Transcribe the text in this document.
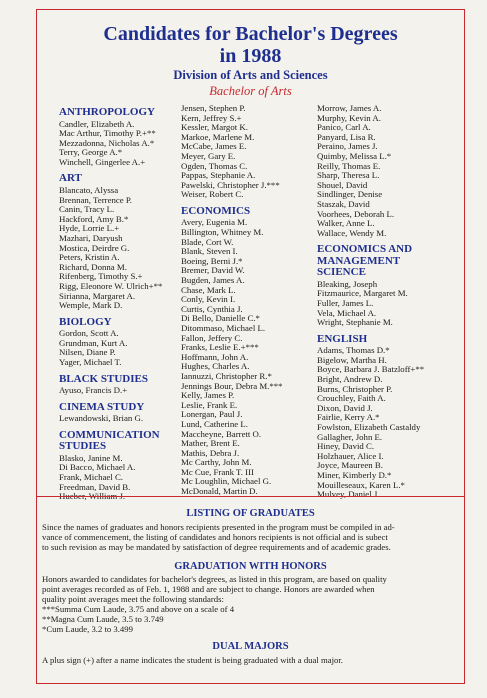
Candidates for Bachelor's Degrees
in 1988
Division of Arts and Sciences
Bachelor of Arts
ANTHROPOLOGY
Candler, Elizabeth A.
Mac Arthur, Timothy P.+**
Mezzadonna, Nicholas A.*
Terry, George A.*
Winchell, Gingerlee A.+
ART
Blancato, Alyssa
Brennan, Terrence P.
Canin, Tracy L.
Hackford, Amy B.*
Hyde, Lorrie L.+
Mazhari, Daryush
Mostica, Deirdre G.
Peters, Kristin A.
Richard, Donna M.
Rifenberg, Timothy S.+
Rigg, Eleonore W. Ulrich+**
Sirianna, Margaret A.
Wemple, Mark D.
BIOLOGY
Gordon, Scott A.
Grundman, Kurt A.
Nilsen, Diane P.
Yager, Michael T.
BLACK STUDIES
Ayuso, Francis D.+
CINEMA STUDY
Lewandowski, Brian G.
COMMUNICATION
STUDIES
Blasko, Janine M.
Di Bacco, Michael A.
Frank, Michael C.
Freedman, David B.
Hueber, William J.
Jensen, Stephen P.
Kern, Jeffrey S.+
Kessler, Margot K.
Markoe, Marlene M.
McCabe, James E.
Meyer, Gary E.
Ogden, Thomas C.
Pappas, Stephanie A.
Pawelski, Christopher J.***
Weiser, Robert C.
ECONOMICS
Avery, Eugenia M.
Billington, Whitney M.
Blade, Cort W.
Blank, Steven I.
Boeing, Berni J.*
Bremer, David W.
Bugden, James A.
Chase, Mark L.
Conly, Kevin I.
Curtis, Cynthia J.
Di Bello, Danielle C.*
Ditommaso, Michael L.
Fallon, Jeffery C.
Franks, Leslie E.+***
Hoffmann, John A.
Hughes, Charles A.
Iannuzzi, Christopher R.*
Jennings Bour, Debra M.***
Kelly, James P.
Leslie, Frank E.
Lonergan, Paul J.
Lund, Catherine L.
Maccheyne, Barrett O.
Mather, Brent E.
Mathis, Debra J.
Mc Carthy, John M.
Mc Cue, Frank T. III
Mc Loughlin, Michael G.
McDonald, Martin D.
Morrow, James A.
Murphy, Kevin A.
Panico, Carl A.
Panyard, Lisa R.
Peraino, James J.
Quimby, Melissa L.*
Reilly, Thomas E.
Sharp, Theresa L.
Shouel, David
Sindlinger, Denise
Staszak, David
Voorhees, Deborah L.
Walker, Anne L.
Wallace, Wendy M.
ECONOMICS AND
MANAGEMENT
SCIENCE
Bleaking, Joseph
Fitzmaurice, Margaret M.
Fuller, James L.
Vela, Michael A.
Wright, Stephanie M.
ENGLISH
Adams, Thomas D.*
Bigelow, Martha H.
Boyce, Barbara J. Batzloff+**
Bright, Andrew D.
Burns, Christopher P.
Crouchley, Faith A.
Dixon, David J.
Fairlie, Kerry A.*
Fowlston, Elizabeth Castaldy
Gallagher, John E.
Hiney, David C.
Holzhauer, Alice I.
Joyce, Maureen B.
Miner, Kimberly D.*
Mouilleseaux, Karen L.*
Mulvey, Daniel J.
LISTING OF GRADUATES
Since the names of graduates and honors recipients presented in the program must be compiled in ad-
vance of commencement, the listing of candidates and honors recipients is not official and is subect
to such revision as may be mandated by satisfaction of degree requirements and of academic grades.
GRADUATION WITH HONORS
Honors awarded to candidates for bachelor's degrees, as listed in this program, are based on quality
point averages recorded as of Feb. 1, 1988 and are subject to change. Honors are awarded when
quality point averages meet the following standards:
***Summa Cum Laude, 3.75 and above on a scale of 4
**Magna Cum Laude, 3.5 to 3.749
*Cum Laude, 3.2 to 3.499
DUAL MAJORS
A plus sign (+) after a name indicates the student is being graduated with a dual major.
